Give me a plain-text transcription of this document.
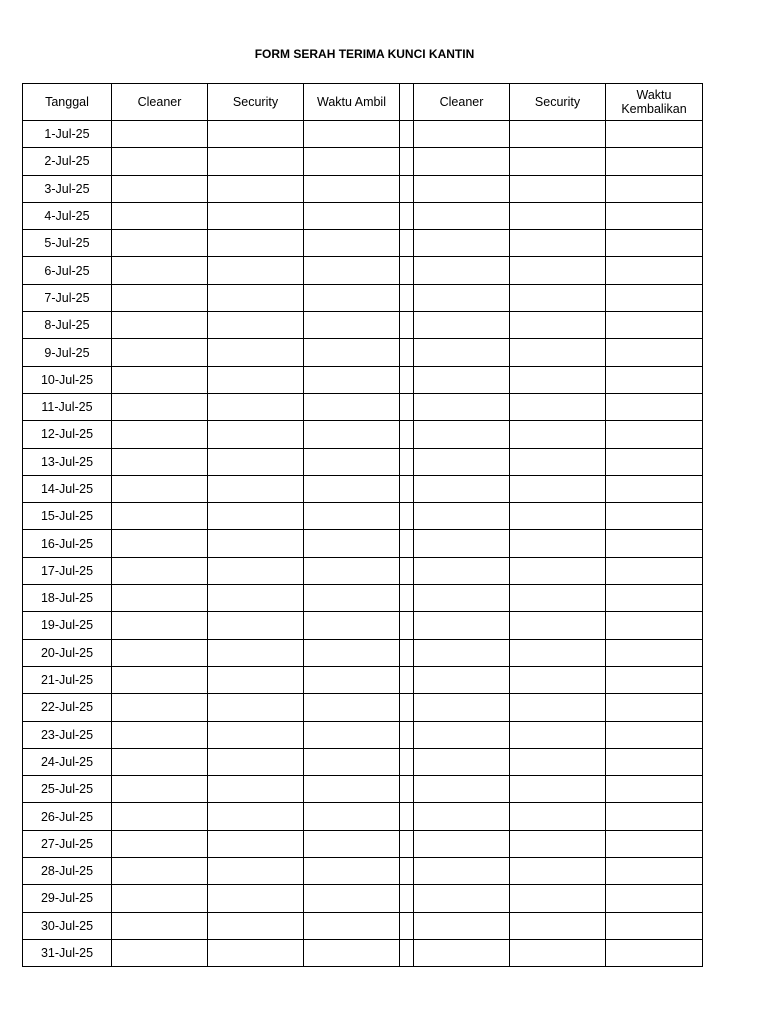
FORM SERAH TERIMA KUNCI KANTIN
Tanggal	Cleaner	Security	Waktu Ambil		Cleaner	Security	Waktu
Kembalikan
1-Jul-25							
2-Jul-25							
3-Jul-25							
4-Jul-25							
5-Jul-25							
6-Jul-25							
7-Jul-25							
8-Jul-25							
9-Jul-25							
10-Jul-25							
11-Jul-25							
12-Jul-25							
13-Jul-25							
14-Jul-25							
15-Jul-25							
16-Jul-25							
17-Jul-25							
18-Jul-25							
19-Jul-25							
20-Jul-25							
21-Jul-25							
22-Jul-25							
23-Jul-25							
24-Jul-25							
25-Jul-25							
26-Jul-25							
27-Jul-25							
28-Jul-25							
29-Jul-25							
30-Jul-25							
31-Jul-25							
